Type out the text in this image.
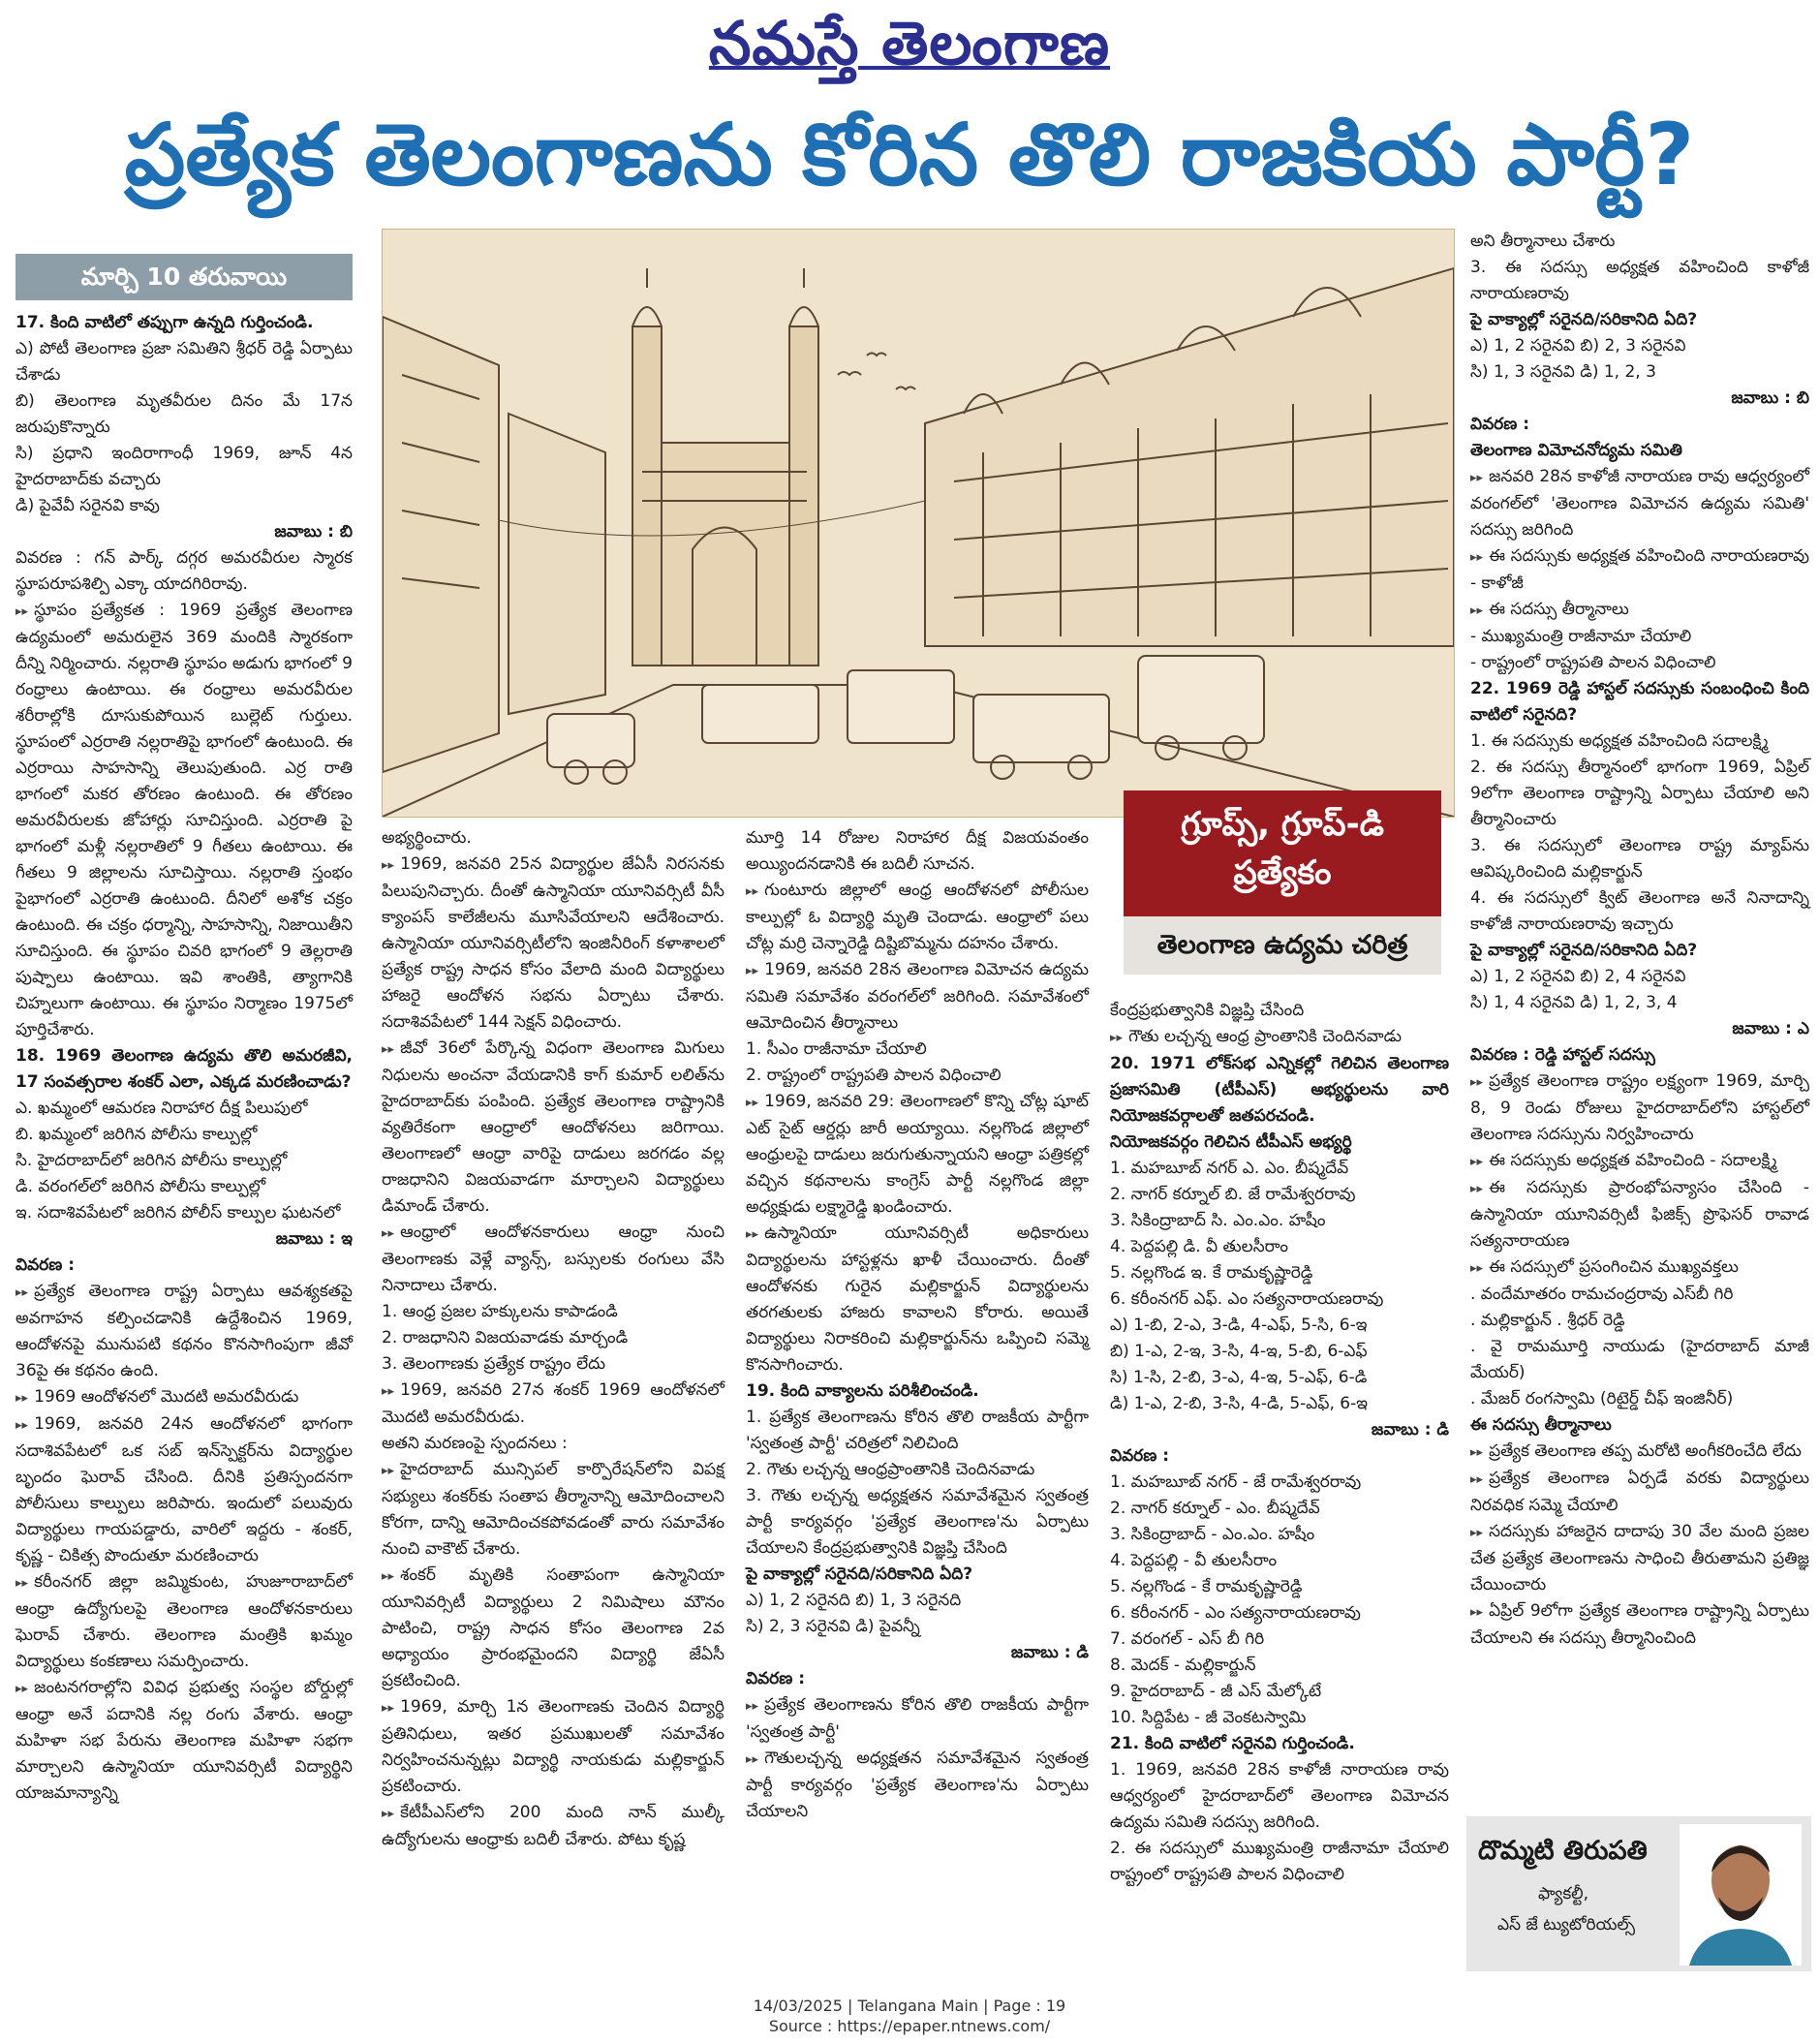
నమస్తే తెలంగాణ
ప్రత్యేక తెలంగాణను కోరిన తొలి రాజకియ పార్టీ?
మార్చి 10 తరువాయి

17. కింది వాటిలో తప్పుగా ఉన్నది గుర్తించండి.

ఎ) పోటీ తెలంగాణ ప్రజా సమితిని శ్రీధర్ రెడ్డి ఏర్పాటు చేశాడు

బి) తెలంగాణ మృతవీరుల దినం మే 17న జరుపుకొన్నారు

సి) ప్రధాని ఇందిరాగాంధీ 1969, జూన్ 4న హైదరాబాద్‌కు వచ్చారు

డి) పైవేవీ సరైనవి కావు

జవాబు : బి

వివరణ : గన్ పార్క్ దగ్గర అమరవీరుల స్మారక స్థూపరూపశిల్పి ఎక్కా యాదగిరిరావు.

▸▸ స్థూపం ప్రత్యేకత : 1969 ప్రత్యేక తెలంగాణ ఉద్యమంలో అమరులైన 369 మందికి స్మారకంగా దీన్ని నిర్మించారు. నల్లరాతి స్థూపం అడుగు భాగంలో 9 రంధ్రాలు ఉంటాయి. ఈ రంధ్రాలు అమరవీరుల శరీరాల్లోకి దూసుకుపోయిన బుల్లెట్ గుర్తులు. స్థూపంలో ఎర్రరాతి నల్లరాతిపై భాగంలో ఉంటుంది. ఈ ఎర్రరాయి సాహసాన్ని తెలుపుతుంది. ఎర్ర రాతి భాగంలో మకర తోరణం ఉంటుంది. ఈ తోరణం అమరవీరులకు జోహార్లు సూచిస్తుంది. ఎర్రరాతి పై భాగంలో మళ్లీ నల్లరాతిలో 9 గీతలు ఉంటాయి. ఈ గీతలు 9 జిల్లాలను సూచిస్తాయి. నల్లరాతి స్తంభం పైభాగంలో ఎర్రరాతి ఉంటుంది. దీనిలో అశోక చక్రం ఉంటుంది. ఈ చక్రం ధర్మాన్ని, సాహసాన్ని, నిజాయితీని సూచిస్తుంది. ఈ స్థూపం చివరి భాగంలో 9 తెల్లరాతి పుష్పాలు ఉంటాయి. ఇవి శాంతికి, త్యాగానికి చిహ్నలుగా ఉంటాయి. ఈ స్థూపం నిర్మాణం 1975లో పూర్తిచేశారు.

18. 1969 తెలంగాణ ఉద్యమ తొలి అమరజీవి, 17 సంవత్సరాల శంకర్ ఎలా, ఎక్కడ మరణించాడు?

ఎ. ఖమ్మంలో ఆమరణ నిరాహార దీక్ష పిలుపులో

బి. ఖమ్మంలో జరిగిన పోలీసు కాల్పుల్లో

సి. హైదరాబాద్‌లో జరిగిన పోలీసు కాల్పుల్లో

డి. వరంగల్‌లో జరిగిన పోలీసు కాల్పుల్లో

ఇ. సదాశివపేటలో జరిగిన పోలీస్ కాల్పుల ఘటనలో

జవాబు : ఇ

వివరణ :

▸▸ ప్రత్యేక తెలంగాణ రాష్ట్ర ఏర్పాటు ఆవశ్యకతపై అవగాహన కల్పించడానికి ఉద్దేశించిన 1969, ఆందోళనపై మునుపటి కథనం కొనసాగింపుగా జీవో 36పై ఈ కథనం ఉంది.

▸▸ 1969 ఆందోళనలో మొదటి అమరవీరుడు

▸▸ 1969, జనవరి 24న ఆందోళనలో భాగంగా సదాశివపేటలో ఒక సబ్ ఇన్‌స్పెక్టర్‌ను విద్యార్థుల బృందం ఘెరావ్ చేసింది. దీనికి ప్రతిస్పందనగా పోలీసులు కాల్పులు జరిపారు. ఇందులో పలువురు విద్యార్థులు గాయపడ్డారు, వారిలో ఇద్దరు - శంకర్, కృష్ణ - చికిత్స పొందుతూ మరణించారు

▸▸ కరీంనగర్ జిల్లా జమ్మికుంట, హుజూరాబాద్‌లో ఆంధ్రా ఉద్యోగులపై తెలంగాణ ఆందోళనకారులు ఘెరావ్ చేశారు. తెలంగాణ మంత్రికి ఖమ్మం విద్యార్థులు కంకణాలు సమర్పించారు.

▸▸ జంటనగరాల్లోని వివిధ ప్రభుత్వ సంస్థల బోర్డుల్లో ఆంధ్రా అనే పదానికి నల్ల రంగు వేశారు. ఆంధ్రా మహిళా సభ పేరును తెలంగాణ మహిళా సభగా మార్చాలని ఉస్మానియా యూనివర్సిటీ విద్యార్థిని యాజమాన్యాన్ని

అభ్యర్థించారు.

▸▸ 1969, జనవరి 25న విద్యార్థుల జేఏసీ నిరసనకు పిలుపునిచ్చారు. దీంతో ఉస్మానియా యూనివర్సిటీ వీసీ క్యాంపస్ కాలేజీలను మూసివేయాలని ఆదేశించారు. ఉస్మానియా యూనివర్సిటీలోని ఇంజినీరింగ్ కళాశాలలో ప్రత్యేక రాష్ట్ర సాధన కోసం వేలాది మంది విద్యార్థులు హాజరై ఆందోళన సభను ఏర్పాటు చేశారు. సదాశివపేటలో 144 సెక్షన్ విధించారు.

▸▸ జీవో 36లో పేర్కొన్న విధంగా తెలంగాణ మిగులు నిధులను అంచనా వేయడానికి కాగ్ కుమార్ లలిత్‌ను హైదరాబాద్‌కు పంపింది. ప్రత్యేక తెలంగాణ రాష్ట్రానికి వ్యతిరేకంగా ఆంధ్రాలో ఆందోళనలు జరిగాయి. తెలంగాణలో ఆంధ్రా వారిపై దాడులు జరగడం వల్ల రాజధానిని విజయవాడగా మార్చాలని విద్యార్థులు డిమాండ్ చేశారు.

▸▸ ఆంధ్రాలో ఆందోళనకారులు ఆంధ్రా నుంచి తెలంగాణకు వెళ్లే వ్యాన్స్, బస్సులకు రంగులు వేసి నినాదాలు చేశారు.

1. ఆంధ్ర ప్రజల హక్కులను కాపాడండి

2. రాజధానిని విజయవాడకు మార్చండి

3. తెలంగాణకు ప్రత్యేక రాష్ట్రం లేదు

▸▸ 1969, జనవరి 27న శంకర్ 1969 ఆందోళనలో మొదటి అమరవీరుడు.

అతని మరణంపై స్పందనలు :

▸▸ హైదరాబాద్ మున్సిపల్ కార్పొరేషన్‌లోని విపక్ష సభ్యులు శంకర్‌కు సంతాప తీర్మానాన్ని ఆమోదించాలని కోరగా, దాన్ని ఆమోదించకపోవడంతో వారు సమావేశం నుంచి వాకౌట్ చేశారు.

▸▸ శంకర్ మృతికి సంతాపంగా ఉస్మానియా యూనివర్సిటీ విద్యార్థులు 2 నిమిషాలు మౌనం పాటించి, రాష్ట్ర సాధన కోసం తెలంగాణ 2వ అధ్యాయం ప్రారంభమైందని విద్యార్థి జేఏసీ ప్రకటించింది.

▸▸ 1969, మార్చి 1న తెలంగాణకు చెందిన విద్యార్థి ప్రతినిధులు, ఇతర ప్రముఖులతో సమావేశం నిర్వహించనున్నట్లు విద్యార్థి నాయకుడు మల్లికార్జున్ ప్రకటించారు.

▸▸ కేటీపీఎస్‌లోని 200 మంది నాన్ ముల్కీ ఉద్యోగులను ఆంధ్రాకు బదిలీ చేశారు. పోటు కృష్ణ

మూర్తి 14 రోజుల నిరాహార దీక్ష విజయవంతం అయ్యిందనడానికి ఈ బదిలీ సూచన.

▸▸ గుంటూరు జిల్లాలో ఆంధ్ర ఆందోళనలో పోలీసుల కాల్పుల్లో ఓ విద్యార్థి మృతి చెందాడు. ఆంధ్రాలో పలు చోట్ల మర్రి చెన్నారెడ్డి దిష్టిబొమ్మను దహనం చేశారు.

▸▸ 1969, జనవరి 28న తెలంగాణ విమోచన ఉద్యమ సమితి సమావేశం వరంగల్‌లో జరిగింది. సమావేశంలో ఆమోదించిన తీర్మానాలు

1. సీఎం రాజీనామా చేయాలి

2. రాష్ట్రంలో రాష్ట్రపతి పాలన విధించాలి

▸▸ 1969, జనవరి 29: తెలంగాణలో కొన్ని చోట్ల షూట్ ఎట్ సైట్ ఆర్డర్లు జారీ అయ్యాయి. నల్లగొండ జిల్లాలో ఆంధ్రులపై దాడులు జరుగుతున్నాయని ఆంధ్రా పత్రికల్లో వచ్చిన కథనాలను కాంగ్రెస్ పార్టీ నల్లగొండ జిల్లా అధ్యక్షుడు లక్ష్మారెడ్డి ఖండించారు.

▸▸ ఉస్మానియా యూనివర్సిటీ అధికారులు విద్యార్థులను హాస్టళ్లను ఖాళీ చేయించారు. దీంతో ఆందోళనకు గురైన మల్లికార్జున్ విద్యార్థులను తరగతులకు హాజరు కావాలని కోరారు. అయితే విద్యార్థులు నిరాకరించి మల్లికార్జున్‌ను ఒప్పించి సమ్మె కొనసాగించారు.

19. కింది వాక్యాలను పరిశీలించండి.

1. ప్రత్యేక తెలంగాణను కోరిన తొలి రాజకీయ పార్టీగా 'స్వతంత్ర పార్టీ' చరిత్రలో నిలిచింది

2. గౌతు లచ్చన్న ఆంధ్రప్రాంతానికి చెందినవాడు

3. గౌతు లచ్చన్న అధ్యక్షతన సమావేశమైన స్వతంత్ర పార్టీ కార్యవర్గం 'ప్రత్యేక తెలంగాణ'ను ఏర్పాటు చేయాలని కేంద్రప్రభుత్వానికి విజ్ఞప్తి చేసింది

పై వాక్యాల్లో సరైనది/సరికానిది ఏది?

ఎ) 1, 2 సరైనది బి) 1, 3 సరైనది

సి) 2, 3 సరైనవి డి) పైవన్నీ

జవాబు : డి

వివరణ :

▸▸ ప్రత్యేక తెలంగాణను కోరిన తొలి రాజకీయ పార్టీగా 'స్వతంత్ర పార్టీ'

▸▸ గౌతులచ్చన్న అధ్యక్షతన సమావేశమైన స్వతంత్ర పార్టీ కార్యవర్గం 'ప్రత్యేక తెలంగాణ'ను ఏర్పాటు చేయాలని

గ్రూప్స్, గ్రూప్-డి
ప్రత్యేకం
తెలంగాణ ఉద్యమ చరిత్ర

కేంద్రప్రభుత్వానికి విజ్ఞప్తి చేసింది

▸▸ గౌతు లచ్చన్న ఆంధ్ర ప్రాంతానికి చెందినవాడు

20. 1971 లోక్‌సభ ఎన్నికల్లో గెలిచిన తెలంగాణ ప్రజాసమితి (టీపీఎస్) అభ్యర్థులను వారి నియోజకవర్గాలతో జతపరచండి.

నియోజకవర్గం గెలిచిన టీపీఎస్ అభ్యర్థి

1. మహబూబ్ నగర్ ఎ. ఎం. బీష్మదేవ్

2. నాగర్ కర్నూల్ బి. జే రామేశ్వరరావు

3. సికింద్రాబాద్ సి. ఎం.ఎం. హషీం

4. పెద్దపల్లి డి. వీ తులసీరాం

5. నల్లగొండ ఇ. కే రామకృష్ణారెడ్డి

6. కరీంనగర్ ఎఫ్. ఎం సత్యనారాయణరావు

ఎ) 1-బి, 2-ఎ, 3-డి, 4-ఎఫ్, 5-సి, 6-ఇ

బి) 1-ఎ, 2-ఇ, 3-సి, 4-ఇ, 5-బి, 6-ఎఫ్

సి) 1-సి, 2-బి, 3-ఎ, 4-ఇ, 5-ఎఫ్, 6-డి

డి) 1-ఎ, 2-బి, 3-సి, 4-డి, 5-ఎఫ్, 6-ఇ

జవాబు : డి

వివరణ :

1. మహబూబ్ నగర్ - జే రామేశ్వరరావు

2. నాగర్ కర్నూల్ - ఎం. బీష్మదేవ్

3. సికింద్రాబాద్ - ఎం.ఎం. హషీం

4. పెద్దపల్లి - వీ తులసీరాం

5. నల్లగొండ - కే రామకృష్ణారెడ్డి

6. కరీంనగర్ - ఎం సత్యనారాయణరావు

7. వరంగల్ - ఎస్ బీ గిరి

8. మెదక్ - మల్లికార్జున్

9. హైదరాబాద్ - జీ ఎస్ మేల్కోటే

10. సిద్దిపేట - జీ వెంకటస్వామి

21. కింది వాటిలో సరైనవి గుర్తించండి.

1. 1969, జనవరి 28న కాళోజీ నారాయణ రావు ఆధ్వర్యంలో హైదరాబాద్‌లో తెలంగాణ విమోచన ఉద్యమ సమితి సదస్సు జరిగింది.

2. ఈ సదస్సులో ముఖ్యమంత్రి రాజీనామా చేయాలి రాష్ట్రంలో రాష్ట్రపతి పాలన విధించాలి

అని తీర్మానాలు చేశారు

3. ఈ సదస్సు అధ్యక్షత వహించింది కాళోజీ నారాయణరావు

పై వాక్యాల్లో సరైనది/సరికానిది ఏది?

ఎ) 1, 2 సరైనవి బి) 2, 3 సరైనవి

సి) 1, 3 సరైనవి డి) 1, 2, 3

జవాబు : బి

వివరణ :

తెలంగాణ విమోచనోద్యమ సమితి

▸▸ జనవరి 28న కాళోజీ నారాయణ రావు ఆధ్వర్యంలో వరంగల్‌లో 'తెలంగాణ విమోచన ఉద్యమ సమితి' సదస్సు జరిగింది

▸▸ ఈ సదస్సుకు అధ్యక్షత వహించింది నారాయణరావు - కాళోజీ

▸▸ ఈ సదస్సు తీర్మానాలు

- ముఖ్యమంత్రి రాజీనామా చేయాలి

- రాష్ట్రంలో రాష్ట్రపతి పాలన విధించాలి

22. 1969 రెడ్డి హాస్టల్ సదస్సుకు సంబంధించి కింది వాటిలో సరైనది?

1. ఈ సదస్సుకు అధ్యక్షత వహించింది సదాలక్ష్మి

2. ఈ సదస్సు తీర్మానంలో భాగంగా 1969, ఏప్రిల్ 9లోగా తెలంగాణ రాష్ట్రాన్ని ఏర్పాటు చేయాలి అని తీర్మానించారు

3. ఈ సదస్సులో తెలంగాణ రాష్ట్ర మ్యాప్‌ను ఆవిష్కరించింది మల్లికార్జున్

4. ఈ సదస్సులో క్విట్ తెలంగాణ అనే నినాదాన్ని కాళోజీ నారాయణరావు ఇచ్చారు

పై వాక్యాల్లో సరైనది/సరికానిది ఏది?

ఎ) 1, 2 సరైనవి బి) 2, 4 సరైనవి

సి) 1, 4 సరైనవి డి) 1, 2, 3, 4

జవాబు : ఎ

వివరణ : రెడ్డి హాస్టల్ సదస్సు

▸▸ ప్రత్యేక తెలంగాణ రాష్ట్రం లక్ష్యంగా 1969, మార్చి 8, 9 రెండు రోజులు హైదరాబాద్‌లోని హాస్టల్‌లో తెలంగాణ సదస్సును నిర్వహించారు

▸▸ ఈ సదస్సుకు అధ్యక్షత వహించింది - సదాలక్ష్మి

▸▸ ఈ సదస్సుకు ప్రారంభోపన్యాసం చేసింది - ఉస్మానియా యూనివర్సిటీ ఫిజిక్స్ ప్రొఫెసర్ రావాడ సత్యనారాయణ

▸▸ ఈ సదస్సులో ప్రసంగించిన ముఖ్యవక్తలు

. వందేమాతరం రామచంద్రరావు ఎస్‌బీ గిరి

. మల్లికార్జున్ . శ్రీధర్ రెడ్డి

. వై రామమూర్తి నాయుడు (హైదరాబాద్ మాజీ మేయర్)

. మేజర్ రంగస్వామి (రిటైర్డ్ చీఫ్ ఇంజినీర్)

ఈ సదస్సు తీర్మానాలు

▸▸ ప్రత్యేక తెలంగాణ తప్ప మరోటి అంగీకరించేది లేదు

▸▸ ప్రత్యేక తెలంగాణ ఏర్పడే వరకు విద్యార్థులు నిరవధిక సమ్మె చేయాలి

▸▸ సదస్సుకు హాజరైన దాదాపు 30 వేల మంది ప్రజల చేత ప్రత్యేక తెలంగాణను సాధించి తీరుతామని ప్రతిజ్ఞ చేయించారు

▸▸ ఏప్రిల్ 9లోగా ప్రత్యేక తెలంగాణ రాష్ట్రాన్ని ఏర్పాటు చేయాలని ఈ సదస్సు తీర్మానించింది

దొమ్మటి తిరుపతి
ఫ్యాకల్టీ,
ఎస్ జే ట్యుటోరియల్స్
14/03/2025 | Telangana Main | Page : 19
Source : https://epaper.ntnews.com/
